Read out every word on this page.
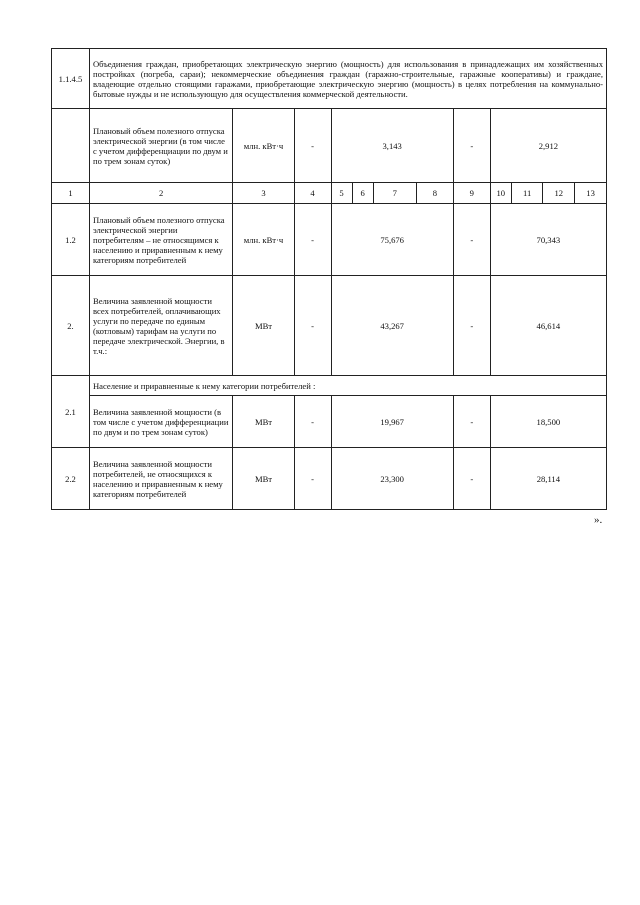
1.1.4.5	Объединения граждан, приобретающих электрическую энергию (мощность) для использования в принадлежащих им хозяйственных постройках (погреба, сараи); некоммерческие объединения граждан (гаражно-строительные, гаражные кооперативы) и граждане, владеющие отдельно стоящими гаражами, приобретающие электрическую энергию (мощность) в целях потребления на коммунально-бытовые нужды и не использующую для осуществления коммерческой деятельности.											
	Плановый объем полезного отпуска электрической энергии (в том числе с учетом дифференциации по двум и по трем зонам суток)	млн. кВт·ч	-	3,143				-	2,912			
1	2	3	4	5	6	7	8	9	10	11	12	13
1.2	Плановый объем полезного отпуска электрической энергии потребителям – не относящимся к населению и приравненным к нему категориям потребителей	млн. кВт·ч	-	75,676				-	70,343			
2.	Величина заявленной мощности всех потребителей, оплачивающих услуги по передаче по единым (котловым) тарифам на услуги по передаче электрической. Энергии, в т.ч.:	МВт	-	43,267				-	46,614			
2.1	Население и приравненные к нему категории потребителей :											
	Величина заявленной мощности (в том числе с учетом дифференциации по двум и по трем зонам суток)	МВт	-	19,967				-	18,500			
2.2	Величина заявленной мощности потребителей, не относящихся к населению и приравненным к нему категориям потребителей	МВт	-	23,300				-	28,114			
».
